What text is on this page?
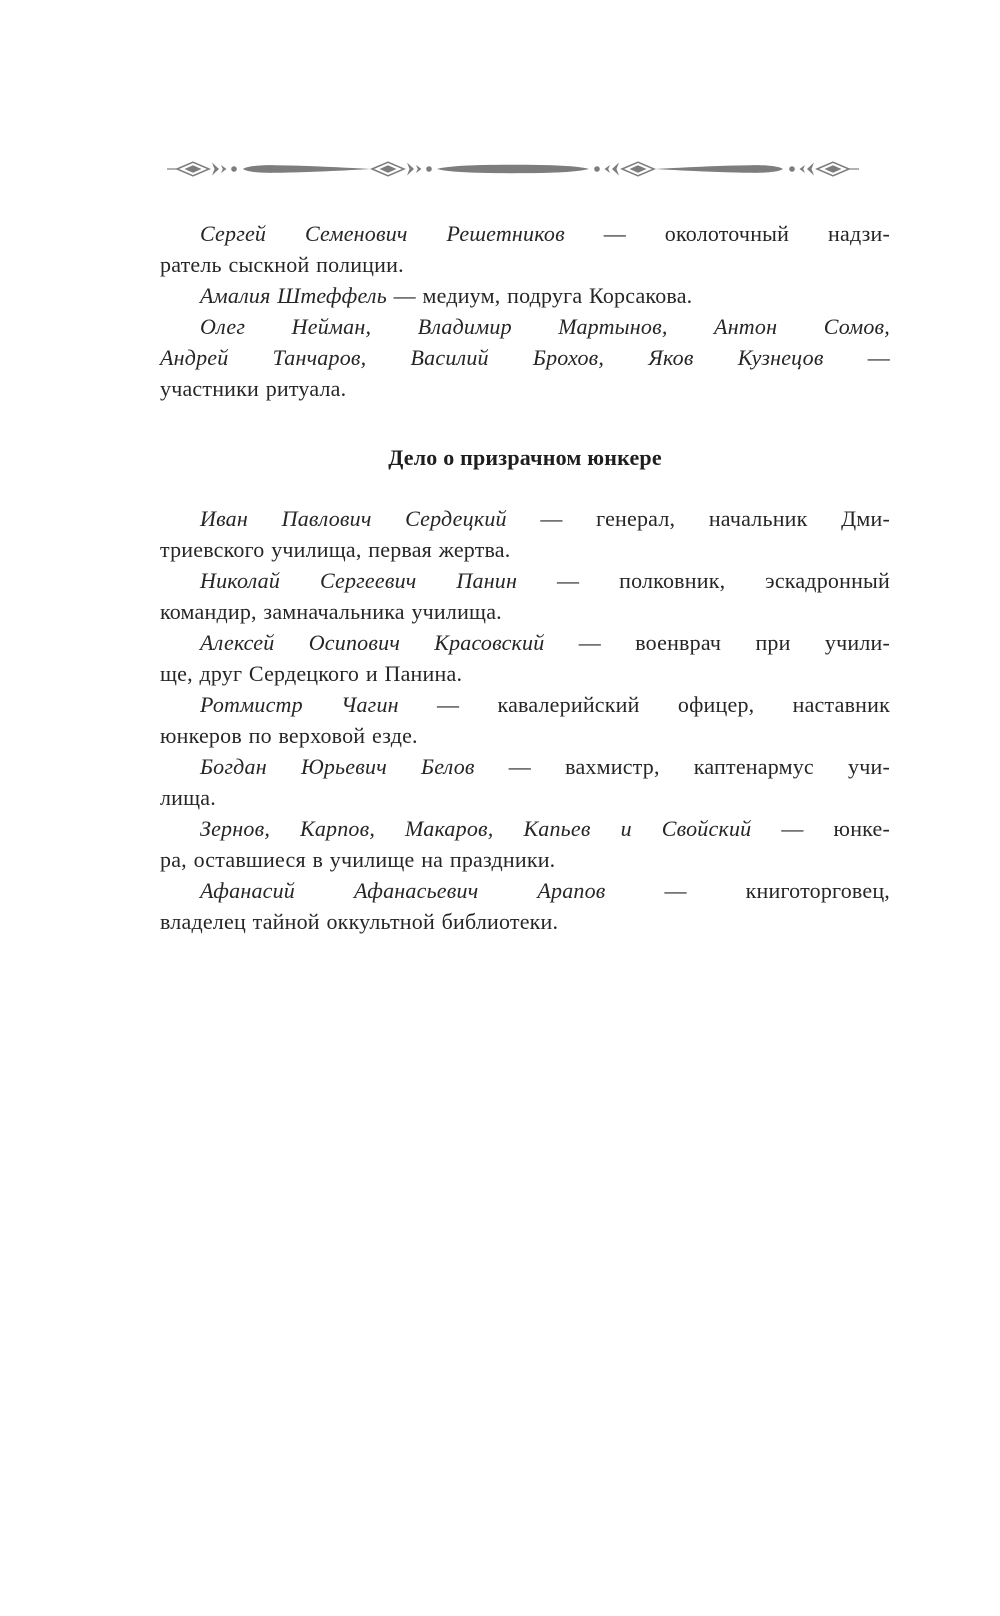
Сергей Семенович Решетников — околоточный надзи-
ратель сыскной полиции.
Амалия Штеффель — медиум, подруга Корсакова.
Олег Нейман, Владимир Мартынов, Антон Сомов,
Андрей Танчаров, Василий Брохов, Яков Кузнецов —
участники ритуала.
Дело о призрачном юнкере
Иван Павлович Сердецкий — генерал, начальник Дми-
триевского училища, первая жертва.
Николай Сергеевич Панин — полковник, эскадронный
командир, замначальника училища.
Алексей Осипович Красовский — военврач при учили-
ще, друг Сердецкого и Панина.
Ротмистр Чагин — кавалерийский офицер, наставник
юнкеров по верховой езде.
Богдан Юрьевич Белов — вахмистр, каптенармус учи-
лища.
Зернов, Карпов, Макаров, Капьев и Свойский — юнке-
ра, оставшиеся в училище на праздники.
Афанасий Афанасьевич Арапов — книготорговец,
владелец тайной оккультной библиотеки.
